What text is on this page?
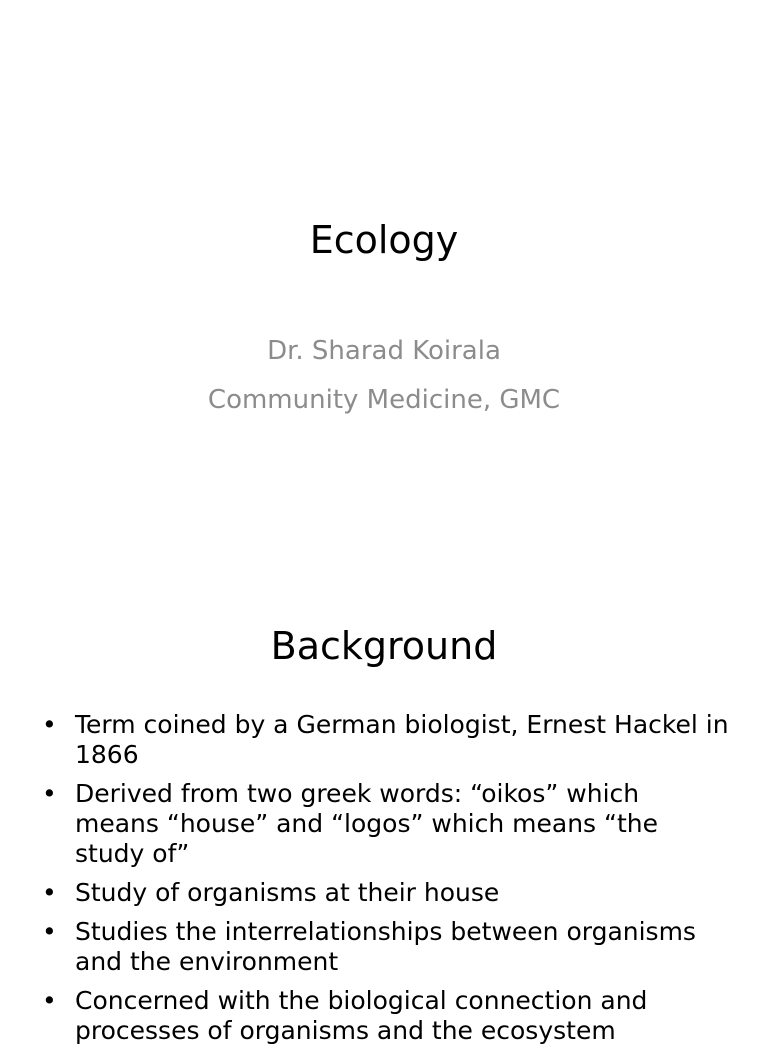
Ecology
Dr. Sharad Koirala
Community Medicine, GMC
Background
• Term coined by a German biologist, Ernest Hackel in 1866
• Derived from two greek words: “oikos” which means “house” and “logos” which means “the study of”
• Study of organisms at their house
• Studies the interrelationships between organisms and the environment
• Concerned with the biological connection and processes of organisms and the ecosystem
